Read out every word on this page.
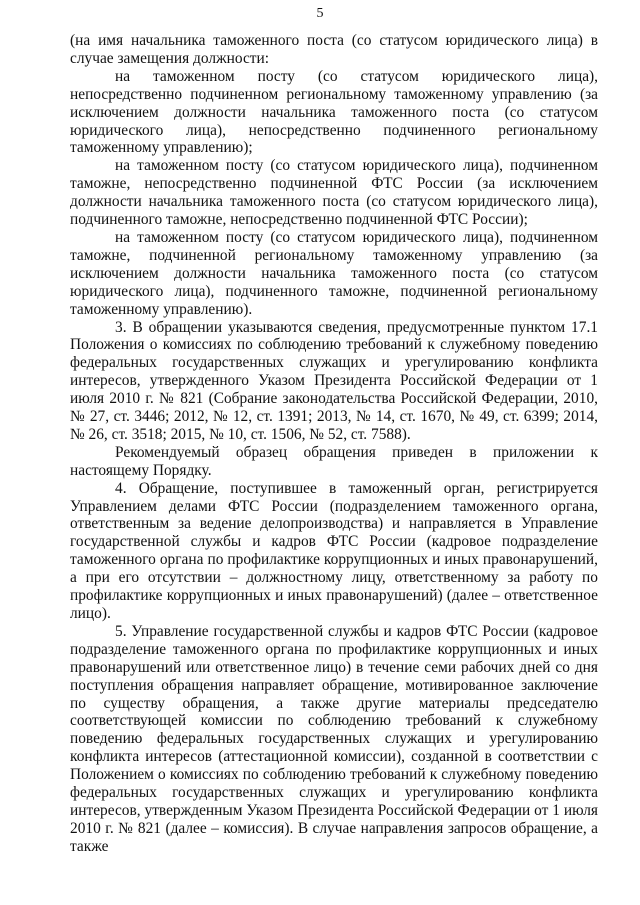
5

(на имя начальника таможенного поста (со статусом юридического лица) в случае замещения должности:

на таможенном посту (со статусом юридического лица), непосредственно подчиненном региональному таможенному управлению (за исключением должности начальника таможенного поста (со статусом юридического лица), непосредственно подчиненного региональному таможенному управлению);

на таможенном посту (со статусом юридического лица), подчиненном таможне, непосредственно подчиненной ФТС России (за исключением должности начальника таможенного поста (со статусом юридического лица), подчиненного таможне, непосредственно подчиненной ФТС России);

на таможенном посту (со статусом юридического лица), подчиненном таможне, подчиненной региональному таможенному управлению (за исключением должности начальника таможенного поста (со статусом юридического лица), подчиненного таможне, подчиненной региональному таможенному управлению).

3. В обращении указываются сведения, предусмотренные пунктом 17.1 Положения о комиссиях по соблюдению требований к служебному поведению федеральных государственных служащих и урегулированию конфликта интересов, утвержденного Указом Президента Российской Федерации от 1 июля 2010 г. № 821 (Собрание законодательства Российской Федерации, 2010, № 27, ст. 3446; 2012, № 12, ст. 1391; 2013, № 14, ст. 1670, № 49, ст. 6399; 2014, № 26, ст. 3518; 2015, № 10, ст. 1506, № 52, ст. 7588).

Рекомендуемый образец обращения приведен в приложении к настоящему Порядку.

4. Обращение, поступившее в таможенный орган, регистрируется Управлением делами ФТС России (подразделением таможенного органа, ответственным за ведение делопроизводства) и направляется в Управление государственной службы и кадров ФТС России (кадровое подразделение таможенного органа по профилактике коррупционных и иных правонарушений, а при его отсутствии – должностному лицу, ответственному за работу по профилактике коррупционных и иных правонарушений) (далее – ответственное лицо).

5. Управление государственной службы и кадров ФТС России (кадровое подразделение таможенного органа по профилактике коррупционных и иных правонарушений или ответственное лицо) в течение семи рабочих дней со дня поступления обращения направляет обращение, мотивированное заключение по существу обращения, а также другие материалы председателю соответствующей комиссии по соблюдению требований к служебному поведению федеральных государственных служащих и урегулированию конфликта интересов (аттестационной комиссии), созданной в соответствии с Положением о комиссиях по соблюдению требований к служебному поведению федеральных государственных служащих и урегулированию конфликта интересов, утвержденным Указом Президента Российской Федерации от 1 июля 2010 г. № 821 (далее – комиссия). В случае направления запросов обращение, а также
